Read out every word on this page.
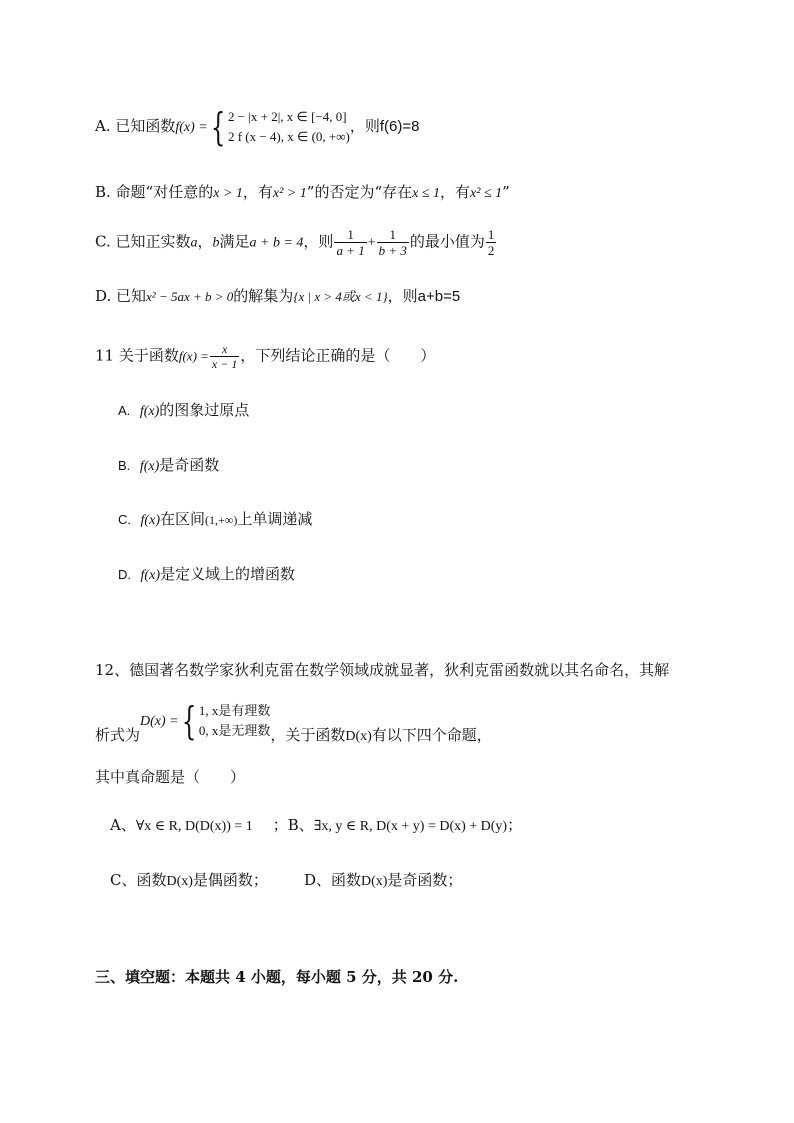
A. 已知函数f(x) ={ 2 − |x + 2|, x ∈ [−4, 0]
2 f (x − 4), x ∈ (0, +∞)
，则f(6)=8
B. 命题“对任意的x > 1，有x² > 1”的否定为“存在x ≤ 1，有x² ≤ 1”
C. 已知正实数a，b满足a + b = 4，则 $\frac{1}{a + 1} + \frac{1}{b + 3}$ 的最小值为 $\frac{1}{2}$
D. 已知x² − 5ax + b > 0的解集为{x | x > 4或x < 1}，则a+b=5
11 关于函数$f(x) = \frac{x}{x - 1}$ ，下列结论正确的是（　　）
A. f(x)的图象过原点
B. f(x)是奇函数
C. f(x)在区间(1,+∞)上单调递减
D. f(x)是定义域上的增函数
12、德国著名数学家狄利克雷在数学领域成就显著，狄利克雷函数就以其名命名，其解
析式为D(x) ={ 1, x是有理数
0, x是无理数 ，关于函数D(x)有以下四个命题，
其中真命题是（　　）
A、∀x ∈ R, D(D(x)) = 1 ；B、∃x, y ∈ R, D(x + y) = D(x) + D(y)；
C、函数D(x)是偶函数； D、函数D(x)是奇函数；
三、填空题：本题共 4 小题，每小题 5 分，共 20 分.
